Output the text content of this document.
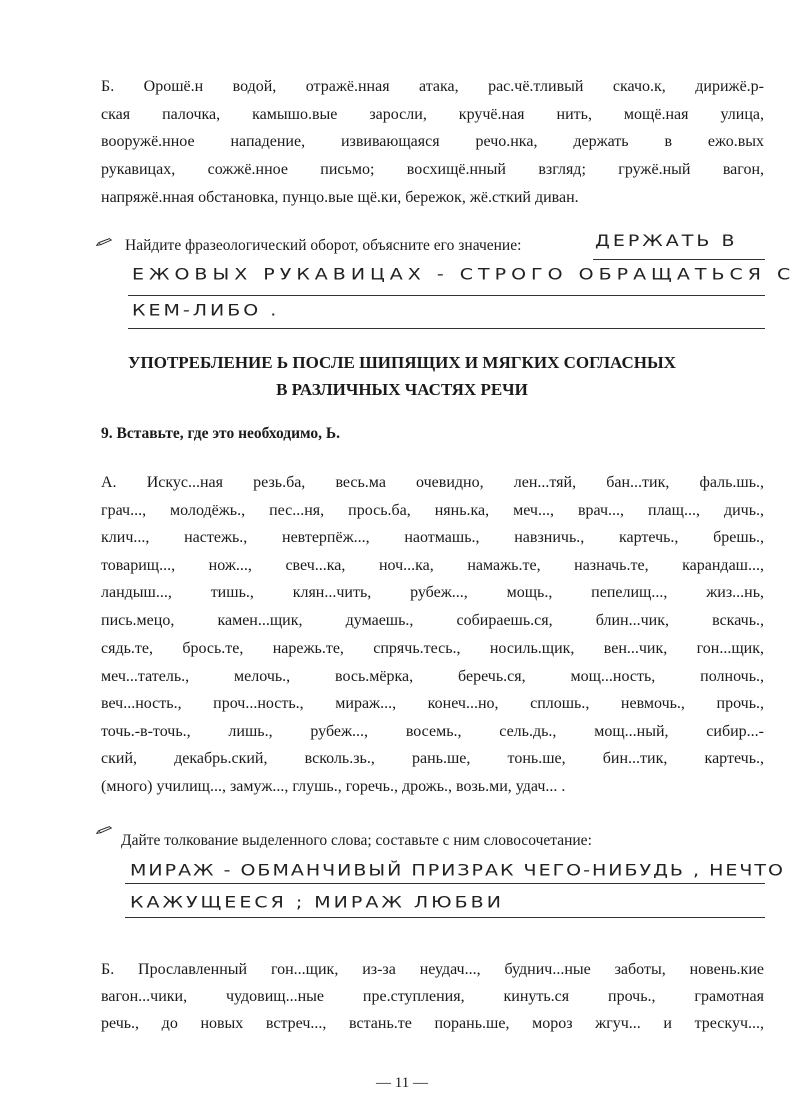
Б. Орошё.н водой, отражё.нная атака, рас.чё.тливый скачо.к, дирижё.р-
ская палочка, камышо.вые заросли, кручё.ная нить, мощё.ная улица,
вооружё.нное нападение, извивающаяся речо.нка, держать в ежо.вых
рукавицах, сожжё.нное письмо; восхищё.нный взгляд; гружё.ный вагон,
напряжё.нная обстановка, пунцо.вые щё.ки, бережок, жё.сткий диван.
Найдите фразеологический оборот, объясните его значение:	ДЕРЖАТЬ В
ЕЖОВЫХ РУКАВИЦАХ - СТРОГО ОБРАЩАТЬСЯ С
КЕМ-ЛИБО .
УПОТРЕБЛЕНИЕ Ь ПОСЛЕ ШИПЯЩИХ И МЯГКИХ СОГЛАСНЫХ
В РАЗЛИЧНЫХ ЧАСТЯХ РЕЧИ
9. Вставьте, где это необходимо, Ь.
А. Искус...ная резь.ба, весь.ма очевидно, лен...тяй, бан...тик, фаль.шь.,
грач..., молодёжь., пес...ня, прось.ба, нянь.ка, меч..., врач..., плащ..., дичь.,
клич..., настежь., невтерпёж..., наотмашь., навзничь., картечь., брешь.,
товарищ..., нож..., свеч...ка, ноч...ка, намажь.те, назначь.те, карандаш...,
ландыш..., тишь., клян...чить, рубеж..., мощь., пепелищ..., жиз...нь,
пись.мецо, камен...щик, думаешь., собираешь.ся, блин...чик, вскачь.,
сядь.те, брось.те, нарежь.те, спрячь.тесь., носиль.щик, вен...чик, гон...щик,
меч...татель., мелочь., вось.мёрка, беречь.ся, мощ...ность, полночь.,
веч...ность., проч...ность., мираж..., конеч...но, сплошь., невмочь., прочь.,
точь.-в-точь., лишь., рубеж..., восемь., сель.дь., мощ...ный, сибир...-
ский, декабрь.ский, всколь.зь., рань.ше, тонь.ше, бин...тик, картечь.,
(много) училищ..., замуж..., глушь., горечь., дрожь., возь.ми, удач... .
Дайте толкование выделенного слова; составьте с ним словосочетание:
МИРАЖ - ОБМАНЧИВЫЙ ПРИЗРАК ЧЕГО-НИБУДЬ , НЕЧТО
КАЖУЩЕЕСЯ ; МИРАЖ ЛЮБВИ
Б. Прославленный гон...щик, из-за неудач..., буднич...ные заботы, новень.кие
вагон...чики, чудовищ...ные пре.ступления, кинуть.ся прочь., грамотная
речь., до новых встреч..., встань.те порань.ше, мороз жгуч... и трескуч...,
— 11 —
